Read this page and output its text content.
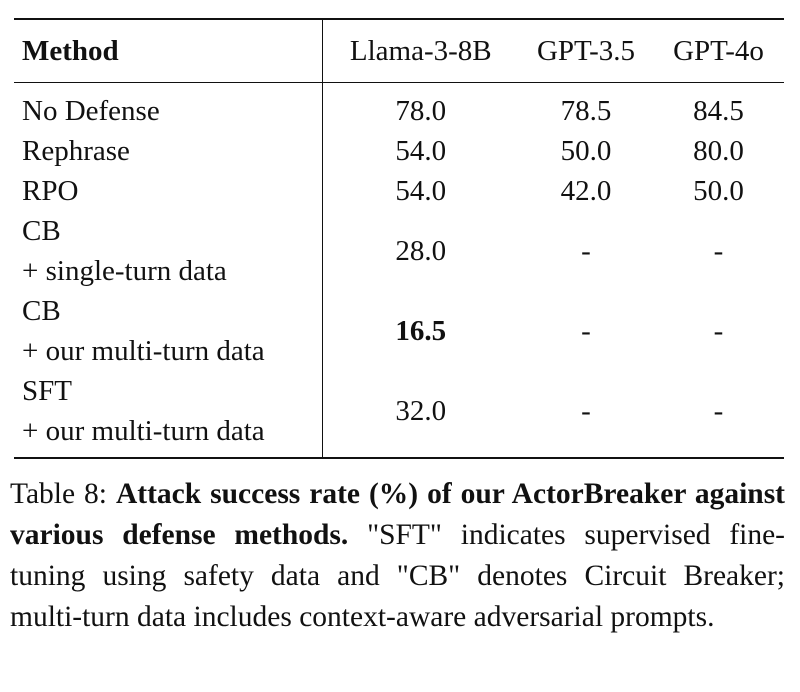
Method	Llama-3-8B	GPT-3.5	GPT-4o

No Defense	78.0	78.5	84.5

Rephrase	54.0	50.0	80.0

RPO	54.0	42.0	50.0

CB
+ single-turn data	28.0	-	-

CB
+ our multi-turn data	16.5	-	-

SFT
+ our multi-turn data	32.0	-	-
Table 8: Attack success rate (%) of our ActorBreaker against various defense methods. "SFT" indicates supervised fine-tuning using safety data and "CB" denotes Circuit Breaker; multi-turn data includes context-aware adversarial prompts.
